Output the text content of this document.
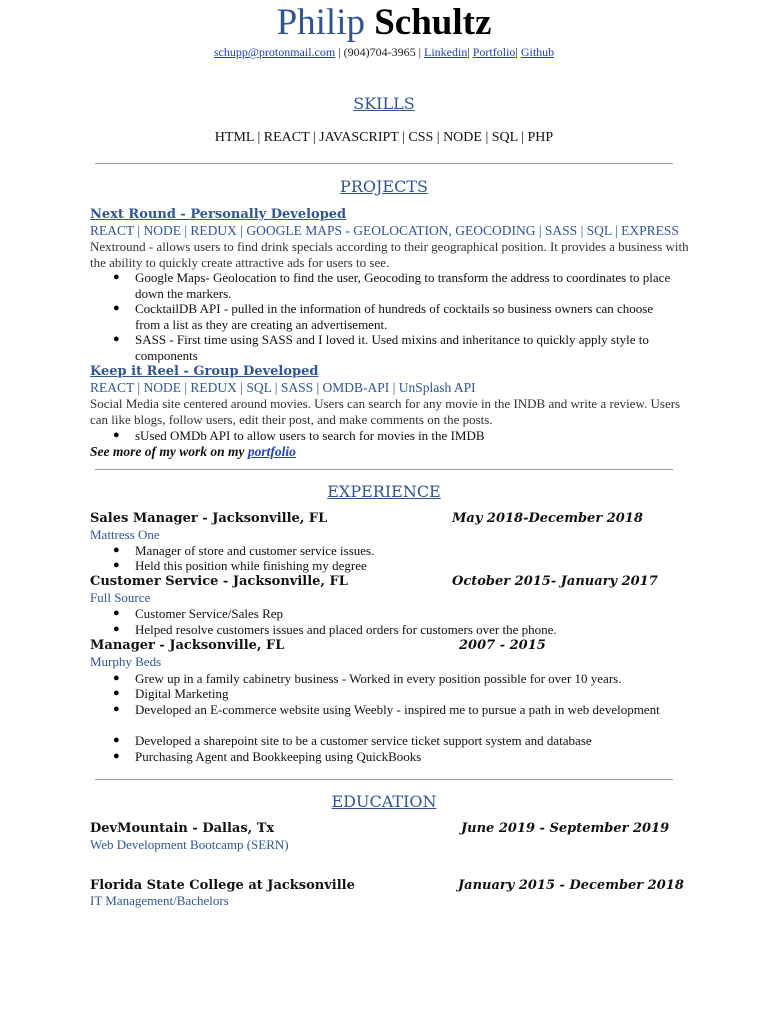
Philip Schultz
schupp@protonmail.com | (904)704-3965 | Linkedin| Portfolio| Github
SKILLS
HTML | REACT | JAVASCRIPT | CSS | NODE | SQL | PHP
PROJECTS
Next Round - Personally Developed
REACT | NODE | REDUX | GOOGLE MAPS - GEOLOCATION, GEOCODING | SASS | SQL | EXPRESS
Nextround - allows users to find drink specials according to their geographical position. It provides a business with the ability to quickly create attractive ads for users to see.
● Google Maps- Geolocation to find the user, Geocoding to transform the address to coordinates to place down the markers.
● CocktailDB API - pulled in the information of hundreds of cocktails so business owners can choose from a list as they are creating an advertisement.
● SASS - First time using SASS and I loved it. Used mixins and inheritance to quickly apply style to components
Keep it Reel - Group Developed
REACT | NODE | REDUX | SQL | SASS | OMDB-API | UnSplash API
Social Media site centered around movies. Users can search for any movie in the INDB and write a review. Users can like blogs, follow users, edit their post, and make comments on the posts.
● sUsed OMDb API to allow users to search for movies in the IMDB
See more of my work on my portfolio
EXPERIENCE
Sales Manager - Jacksonville, FL	May 2018-December 2018
Mattress One
● Manager of store and customer service issues.
● Held this position while finishing my degree
Customer Service - Jacksonville, FL	October 2015- January 2017
Full Source
● Customer Service/Sales Rep
● Helped resolve customers issues and placed orders for customers over the phone.
Manager - Jacksonville, FL	2007 - 2015
Murphy Beds
● Grew up in a family cabinetry business - Worked in every position possible for over 10 years.
● Digital Marketing
● Developed an E-commerce website using Weebly - inspired me to pursue a path in web development
● Developed a sharepoint site to be a customer service ticket support system and database
● Purchasing Agent and Bookkeeping using QuickBooks
EDUCATION
DevMountain - Dallas, Tx	June 2019 - September 2019
Web Development Bootcamp (SERN)
Florida State College at Jacksonville	January 2015 - December 2018
IT Management/Bachelors
